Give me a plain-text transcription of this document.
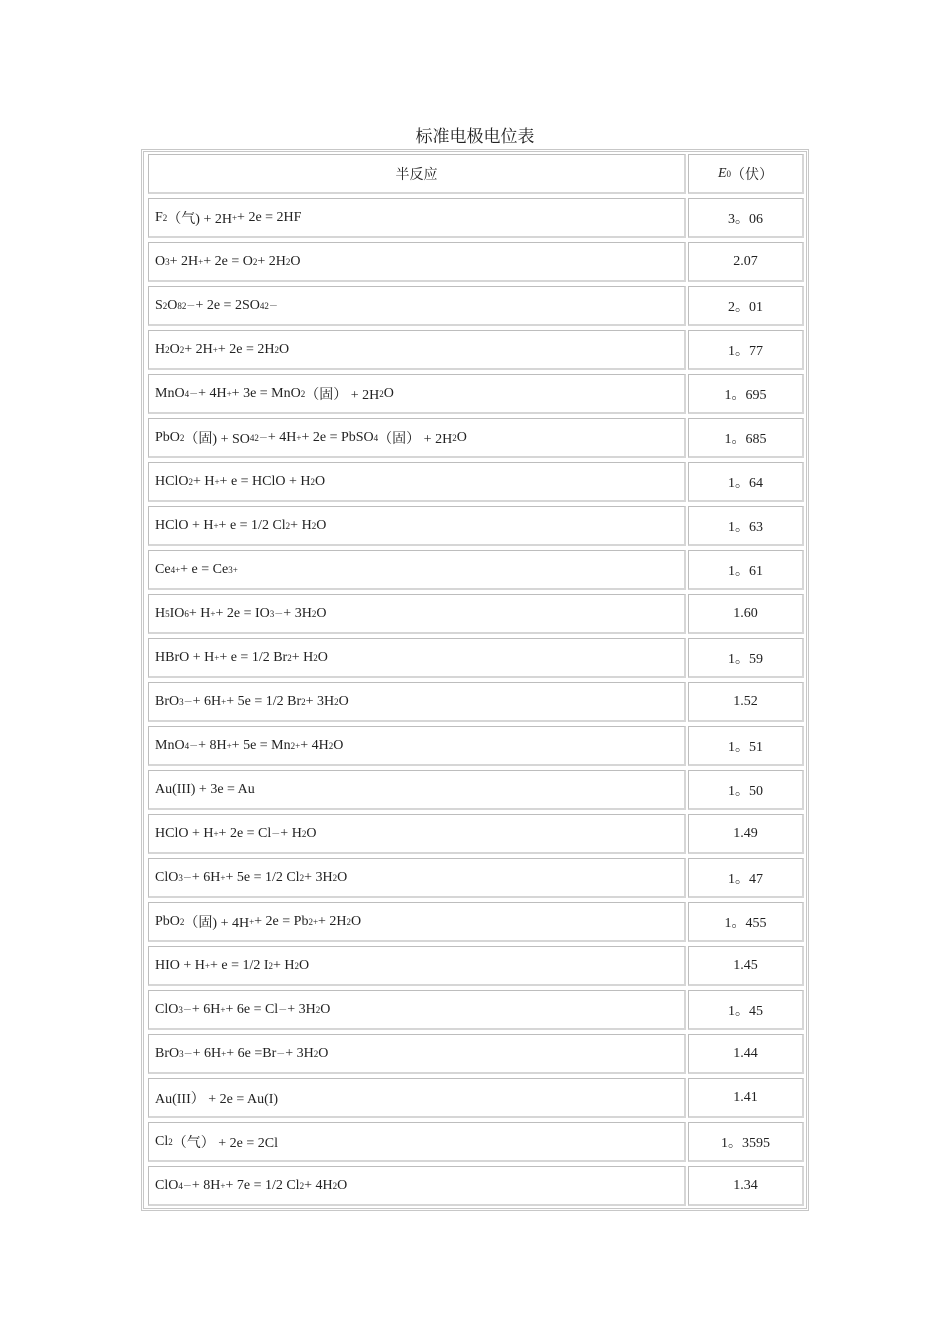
标准电极电位表
半反应	E 0 （伏）
F 2 （气) + 2H + + 2e = 2HF	3。06
O 3 + 2H + + 2e = O 2 + 2H 2 O	2.07
S 2 O 8 2－ + 2e = 2SO 4 2－	2。01
H 2 O 2 + 2H + + 2e = 2H 2 O	1。77
MnO 4 － + 4H + + 3e = MnO 2 （固） + 2H 2 O	1。695
PbO 2 （固) + SO 4 2－ + 4H + + 2e = PbSO 4 （固） + 2H 2 O	1。685
HClO 2 + H + + e = HClO + H 2 O	1。64
HClO + H + + e = 1/2 Cl 2 + H 2 O	1。63
Ce 4+ + e = Ce 3+	1。61
H 5 IO 6 + H + + 2e = IO 3 － + 3H 2 O	1.60
HBrO + H + + e = 1/2 Br 2 + H 2 O	1。59
BrO 3 － + 6H + + 5e = 1/2 Br 2 + 3H 2 O	1.52
MnO 4 － + 8H + + 5e = Mn 2+ + 4H 2 O	1。51
Au(III) + 3e = Au	1。50
HClO + H + + 2e = Cl － + H 2 O	1.49
ClO 3 － + 6H + + 5e = 1/2 Cl 2 + 3H 2 O	1。47
PbO 2 （固) + 4H + + 2e = Pb 2+ + 2H 2 O	1。455
HIO + H + + e = 1/2 I 2 + H 2 O	1.45
ClO 3 － + 6H + + 6e = Cl － + 3H 2 O	1。45
BrO 3 － + 6H + + 6e =Br － + 3H 2 O	1.44
Au(III） + 2e = Au(I)	1.41
Cl 2 （气） + 2e = 2Cl	1。3595
ClO 4 － + 8H + + 7e = 1/2 Cl 2 + 4H 2 O	1.34
